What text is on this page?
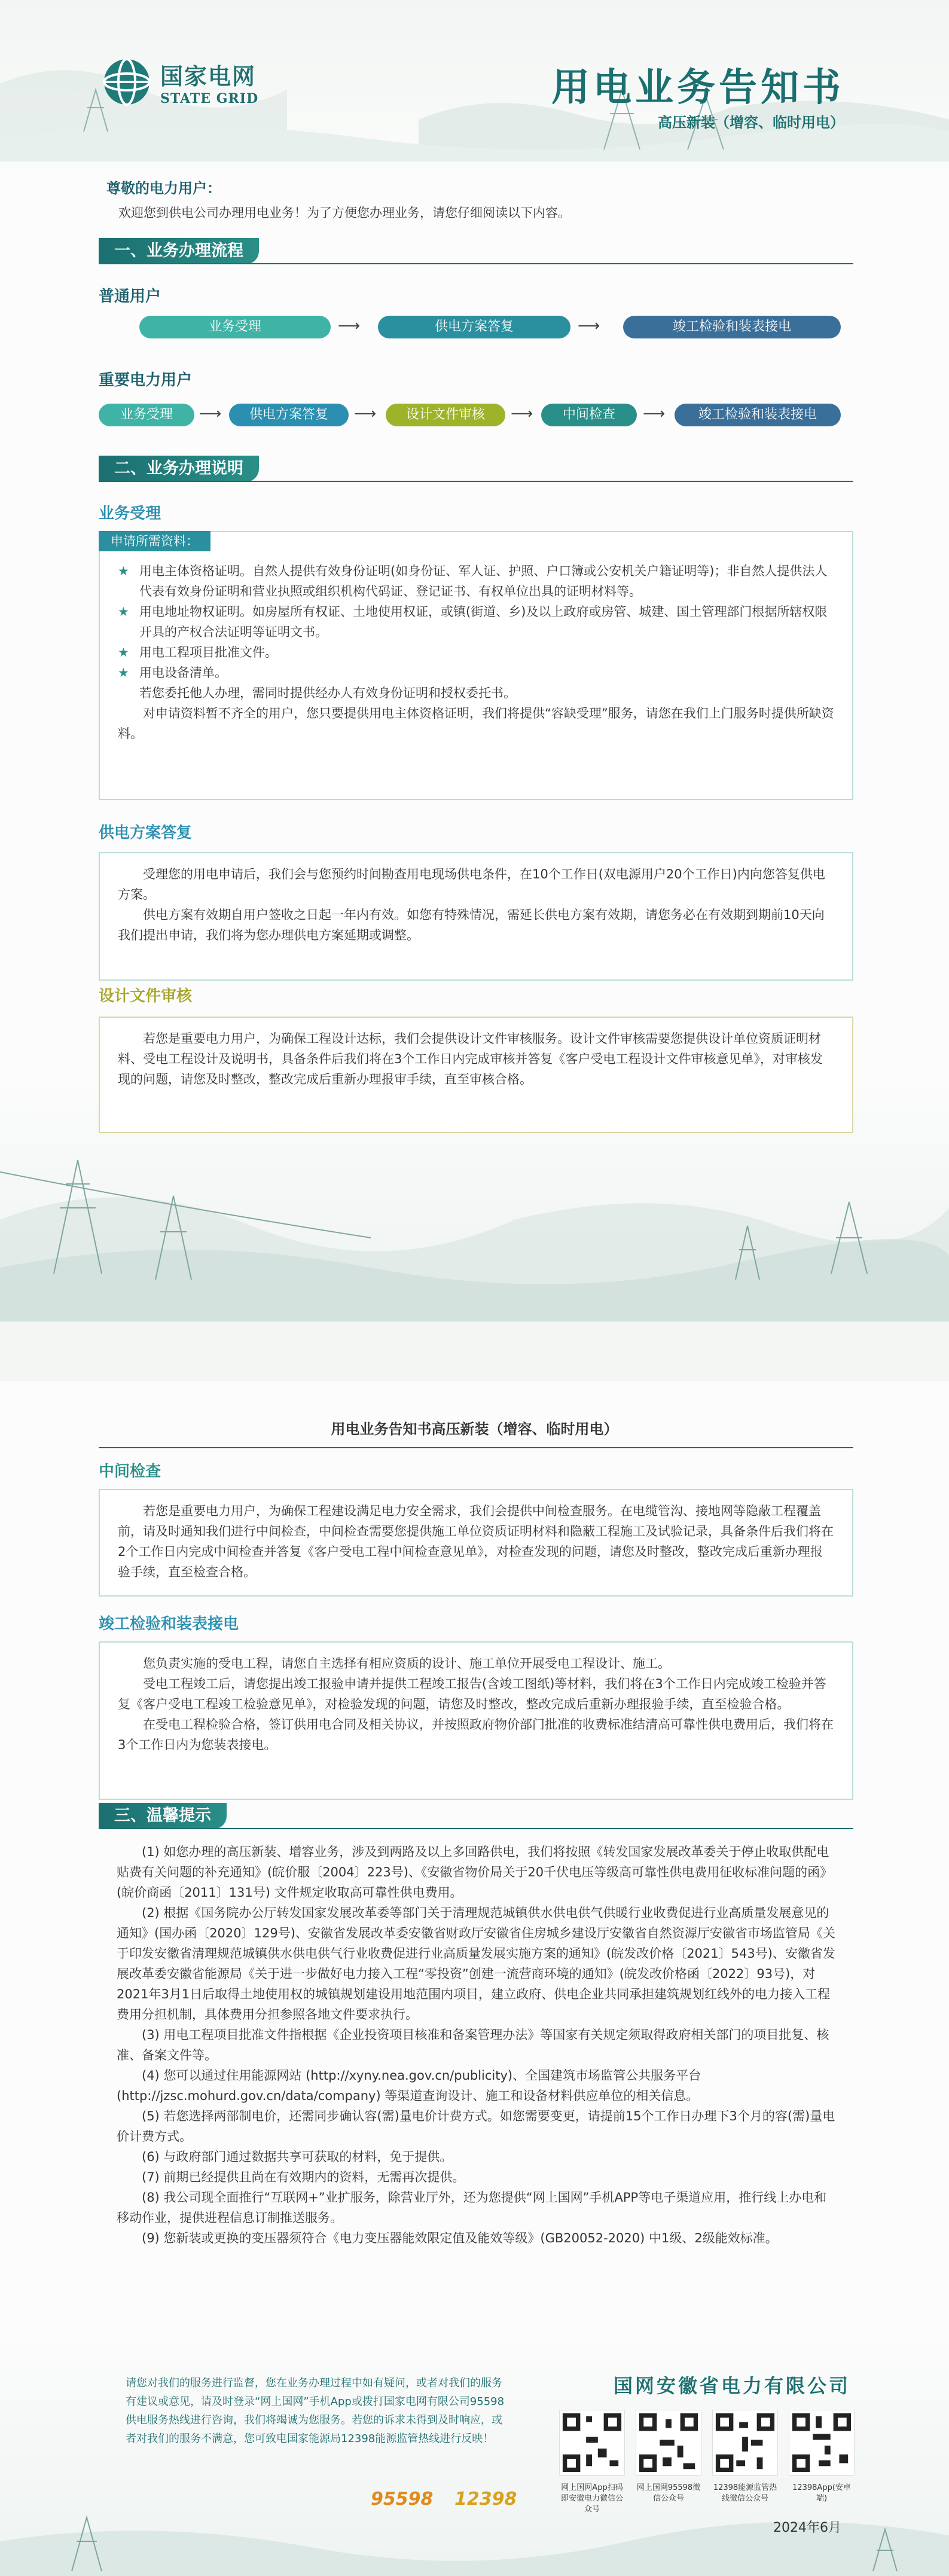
国家电网
STATE GRID	用电业务告知书
高压新装（增容、临时用电）
尊敬的电力用户：
欢迎您到供电公司办理用电业务！为了方便您办理业务，请您仔细阅读以下内容。
一、业务办理流程
普通用户
业务受理	⟶	供电方案答复	⟶	竣工检验和装表接电
重要电力用户
业务受理	⟶	供电方案答复	⟶	设计文件审核	⟶	中间检查	⟶	竣工检验和装表接电
二、业务办理说明
业务受理
★ 用电主体资格证明。自然人提供有效身份证明(如身份证、军人证、护照、户口簿或公安机关户籍证明等)；非自然人提供法人代表有效身份证明和营业执照或组织机构代码证、登记证书、有权单位出具的证明材料等。
★ 用电地址物权证明。如房屋所有权证、土地使用权证，或镇(街道、乡)及以上政府或房管、城建、国土管理部门根据所辖权限开具的产权合法证明等证明文书。
★ 用电工程项目批准文件。
★ 用电设备清单。
若您委托他人办理，需同时提供经办人有效身份证明和授权委托书。

对申请资料暂不齐全的用户，您只要提供用电主体资格证明，我们将提供“容缺受理”服务，请您在我们上门服务时提供所缺资料。

申请所需资料：
供电方案答复

受理您的用电申请后，我们会与您预约时间勘查用电现场供电条件，在10个工作日(双电源用户20个工作日)内向您答复供电方案。

供电方案有效期自用户签收之日起一年内有效。如您有特殊情况，需延长供电方案有效期，请您务必在有效期到期前10天向我们提出申请，我们将为您办理供电方案延期或调整。

设计文件审核

若您是重要电力用户，为确保工程设计达标，我们会提供设计文件审核服务。设计文件审核需要您提供设计单位资质证明材料、受电工程设计及说明书，具备条件后我们将在3个工作日内完成审核并答复《客户受电工程设计文件审核意见单》，对审核发现的问题，请您及时整改，整改完成后重新办理报审手续，直至审核合格。

用电业务告知书高压新装（增容、临时用电）
中间检查

若您是重要电力用户，为确保工程建设满足电力安全需求，我们会提供中间检查服务。在电缆管沟、接地网等隐蔽工程覆盖前，请及时通知我们进行中间检查，中间检查需要您提供施工单位资质证明材料和隐蔽工程施工及试验记录，具备条件后我们将在2个工作日内完成中间检查并答复《客户受电工程中间检查意见单》，对检查发现的问题，请您及时整改，整改完成后重新办理报验手续，直至检查合格。

竣工检验和装表接电

您负责实施的受电工程，请您自主选择有相应资质的设计、施工单位开展受电工程设计、施工。

受电工程竣工后，请您提出竣工报验申请并提供工程竣工报告(含竣工图纸)等材料，我们将在3个工作日内完成竣工检验并答复《客户受电工程竣工检验意见单》，对检验发现的问题，请您及时整改，整改完成后重新办理报验手续，直至检验合格。

在受电工程检验合格，签订供用电合同及相关协议，并按照政府物价部门批准的收费标准结清高可靠性供电费用后，我们将在3个工作日内为您装表接电。

三、温馨提示

(1) 如您办理的高压新装、增容业务，涉及到两路及以上多回路供电，我们将按照《转发国家发展改革委关于停止收取供配电贴费有关问题的补充通知》(皖价服〔2004〕223号)、《安徽省物价局关于20千伏电压等级高可靠性供电费用征收标准问题的函》(皖价商函〔2011〕131号) 文件规定收取高可靠性供电费用。

(2) 根据《国务院办公厅转发国家发展改革委等部门关于清理规范城镇供水供电供气供暖行业收费促进行业高质量发展意见的通知》(国办函〔2020〕129号)、安徽省发展改革委安徽省财政厅安徽省住房城乡建设厅安徽省自然资源厅安徽省市场监管局《关于印发安徽省清理规范城镇供水供电供气行业收费促进行业高质量发展实施方案的通知》(皖发改价格〔2021〕543号)、安徽省发展改革委安徽省能源局《关于进一步做好电力接入工程“零投资”创建一流营商环境的通知》(皖发改价格函〔2022〕93号)，对2021年3月1日后取得土地使用权的城镇规划建设用地范围内项目，建立政府、供电企业共同承担建筑规划红线外的电力接入工程费用分担机制，具体费用分担参照各地文件要求执行。

(3) 用电工程项目批准文件指根据《企业投资项目核准和备案管理办法》等国家有关规定须取得政府相关部门的项目批复、核准、备案文件等。

(4) 您可以通过住用能源网站 (http://xyny.nea.gov.cn/publicity)、全国建筑市场监管公共服务平台 (http://jzsc.mohurd.gov.cn/data/company) 等渠道查询设计、施工和设备材料供应单位的相关信息。

(5) 若您选择两部制电价，还需同步确认容(需)量电价计费方式。如您需要变更，请提前15个工作日办理下3个月的容(需)量电价计费方式。

(6) 与政府部门通过数据共享可获取的材料，免于提供。

(7) 前期已经提供且尚在有效期内的资料，无需再次提供。

(8) 我公司现全面推行“互联网+”业扩服务，除营业厅外，还为您提供“网上国网”手机APP等电子渠道应用，推行线上办电和移动作业，提供进程信息订制推送服务。

(9) 您新装或更换的变压器须符合《电力变压器能效限定值及能效等级》(GB20052-2020) 中1级、2级能效标准。

请您对我们的服务进行监督，您在业务办理过程中如有疑问，或者对我们的服务有建议或意见，请及时登录“网上国网”手机App或拨打国家电网有限公司95598供电服务热线进行咨询，我们将竭诚为您服务。若您的诉求未得到及时响应，或者对我们的服务不满意，您可致电国家能源局12398能源监管热线进行反映！
国网安徽省电力有限公司
网上国网App扫码即安徽电力微信公众号
网上国网95598微信公众号
12398能源监管热线微信公众号
12398App(安卓端)
95598 12398
2024年6月
